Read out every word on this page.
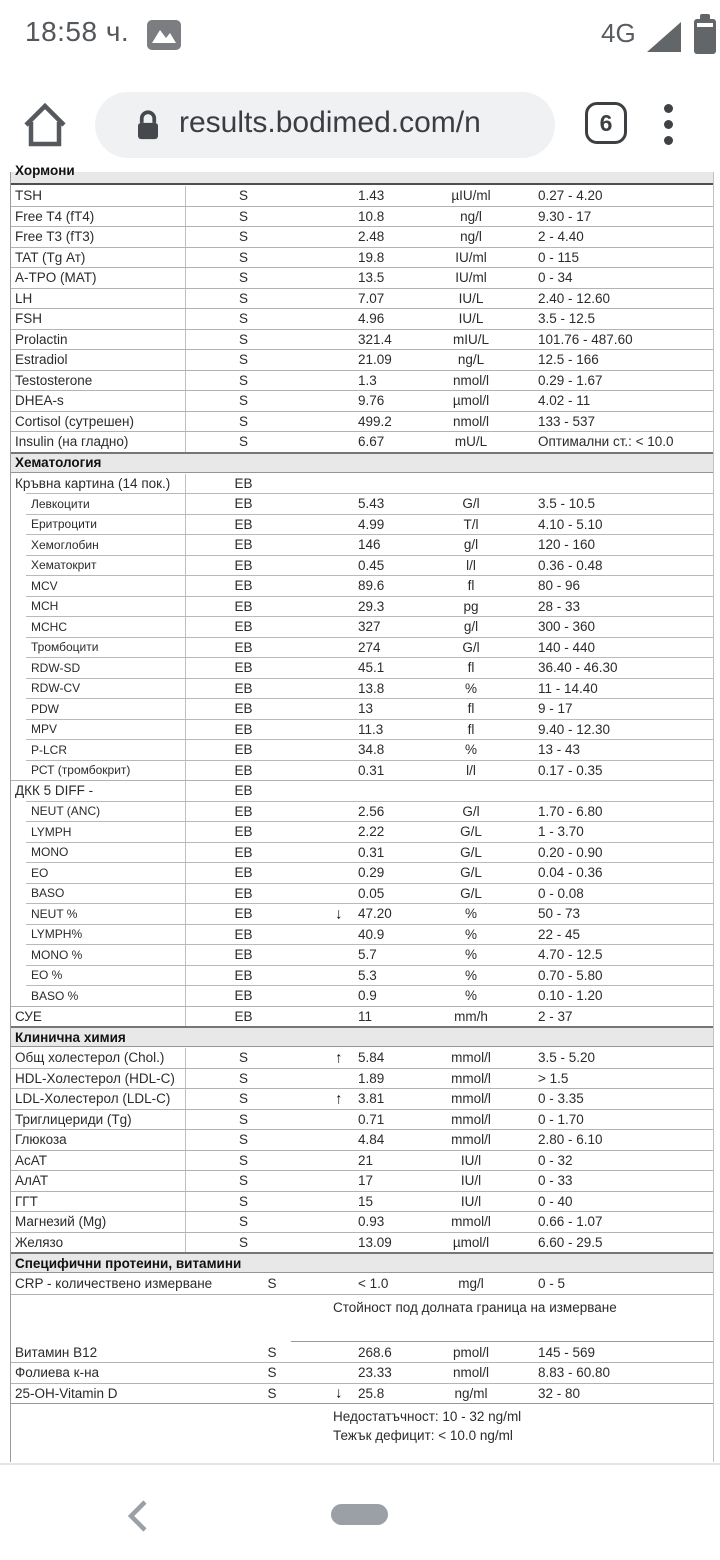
18:58 ч.	4G
results.bodimed.com/n	6
Хормони
TSH	S	1.43	µIU/ml	0.27 - 4.20
Free T4 (fT4)	S	10.8	ng/l	9.30 - 17
Free T3 (fT3)	S	2.48	ng/l	2 - 4.40
TAT (Tg Ат)	S	19.8	IU/ml	0 - 115
A-TPO (MAT)	S	13.5	IU/ml	0 - 34
LH	S	7.07	IU/L	2.40 - 12.60
FSH	S	4.96	IU/L	3.5 - 12.5
Prolactin	S	321.4	mIU/L	101.76 - 487.60
Estradiol	S	21.09	ng/L	12.5 - 166
Testosterone	S	1.3	nmol/l	0.29 - 1.67
DHEA-s	S	9.76	µmol/l	4.02 - 11
Cortisol (сутрешен)	S	499.2	nmol/l	133 - 537
Insulin (на гладно)	S	6.67	mU/L	Оптимални ст.: < 10.0
Хематология
Кръвна картина (14 пок.)	ЕВ
Левкоцити	ЕВ	5.43	G/l	3.5 - 10.5
Еритроцити	ЕВ	4.99	T/l	4.10 - 5.10
Хемоглобин	ЕВ	146	g/l	120 - 160
Хематокрит	ЕВ	0.45	l/l	0.36 - 0.48
MCV	ЕВ	89.6	fl	80 - 96
MCH	ЕВ	29.3	pg	28 - 33
MCHC	ЕВ	327	g/l	300 - 360
Тромбоцити	ЕВ	274	G/l	140 - 440
RDW-SD	ЕВ	45.1	fl	36.40 - 46.30
RDW-CV	ЕВ	13.8	%	11 - 14.40
PDW	ЕВ	13	fl	9 - 17
MPV	ЕВ	11.3	fl	9.40 - 12.30
P-LCR	ЕВ	34.8	%	13 - 43
РСТ (тромбокрит)	ЕВ	0.31	l/l	0.17 - 0.35
ДКК 5 DIFF -	ЕВ
NEUT (ANC)	ЕВ	2.56	G/l	1.70 - 6.80
LYMPH	ЕВ	2.22	G/L	1 - 3.70
MONO	ЕВ	0.31	G/L	0.20 - 0.90
EO	ЕВ	0.29	G/L	0.04 - 0.36
BASO	ЕВ	0.05	G/L	0 - 0.08
NEUT %	ЕВ	↓ 47.20	%	50 - 73
LYMPH%	ЕВ	40.9	%	22 - 45
MONO %	ЕВ	5.7	%	4.70 - 12.5
EO %	ЕВ	5.3	%	0.70 - 5.80
BASO %	ЕВ	0.9	%	0.10 - 1.20
СУЕ	ЕВ	11	mm/h	2 - 37
Клинична химия
Общ холестерол (Chol.)	S	↑ 5.84	mmol/l	3.5 - 5.20
HDL-Холестерол (HDL-C)	S	1.89	mmol/l	> 1.5
LDL-Холестерол (LDL-C)	S	↑ 3.81	mmol/l	0 - 3.35
Триглицериди (Tg)	S	0.71	mmol/l	0 - 1.70
Глюкоза	S	4.84	mmol/l	2.80 - 6.10
АсАТ	S	21	IU/l	0 - 32
АлАТ	S	17	IU/l	0 - 33
ГГТ	S	15	IU/l	0 - 40
Магнезий (Mg)	S	0.93	mmol/l	0.66 - 1.07
Желязо	S	13.09	µmol/l	6.60 - 29.5
Специфични протеини, витамини
CRP - количествено измерване	S	< 1.0	mg/l	0 - 5
Стойност под долната граница на измерване
Витамин В12	S	268.6	pmol/l	145 - 569
Фолиева к-на	S	23.33	nmol/l	8.83 - 60.80
25-OH-Vitamin D	S	↓ 25.8	ng/ml	32 - 80
Недостатъчност: 10 - 32 ng/ml
Тежък дефицит: < 10.0 ng/ml
